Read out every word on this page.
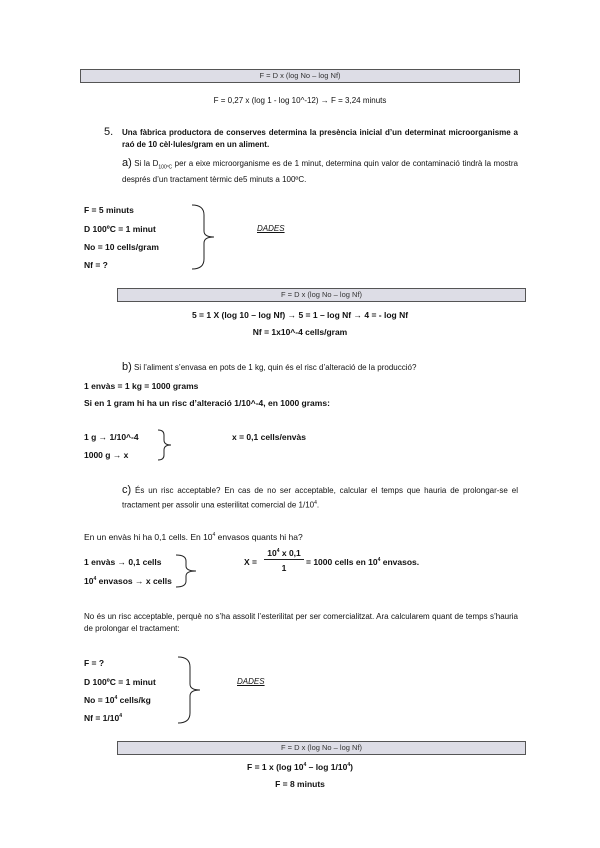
F = D x (log No – log Nf)
F = 0,27 x (log 1 - log 10^-12) → F = 3,24 minuts
5. Una fàbrica productora de conserves determina la presència inicial d’un determinat microorganisme a raó de 10 cèl·lules/gram en un aliment.
a) Si la $D_{100ºC}$ per a eixe microorganisme es de 1 minut, determina quin valor de contaminació tindrà la mostra després d’un tractament tèrmic de5 minuts a 100ºC.
F = 5 minuts
D 100ºC = 1 minut
No = 10 cells/gram
Nf = ?
DADES
F = D x (log No – log Nf)
5 = 1 X (log 10 – log Nf) → 5 = 1 – log Nf → 4 = - log Nf
Nf = 1x10^-4 cells/gram
b) Si l’aliment s’envasa en pots de 1 kg, quin és el risc d’alteració de la producció?
1 envàs = 1 kg = 1000 grams
Si en 1 gram hi ha un risc d’alteració 1/10^-4, en 1000 grams:
1 g → 1/10^-4
1000 g → x
x = 0,1 cells/envàs
c) És un risc acceptable? En cas de no ser acceptable, calcular el temps que hauria de prolongar-se el tractament per assolir una esterilitat comercial de $1/10^4$.
En un envàs hi ha 0,1 cells. En $10^4$ envasos quants hi ha?
1 envàs → 0,1 cells
$10^4$ envasos → x cells
X =
$10^4$ x 0,1
1
= 1000 cells en $10^4$ envasos.
No és un risc acceptable, perquè no s’ha assolit l’esterilitat per ser comercialitzat. Ara calcularem quant de temps s’hauria de prolongar el tractament:
F = ?
D 100ºC = 1 minut
$No = 10^4$ cells/kg
$Nf = 1/10^4$
DADES
F = D x (log No – log Nf)
F = 1 x (log $10^4$ – $\log 1/10^4$)
F = 8 minuts
